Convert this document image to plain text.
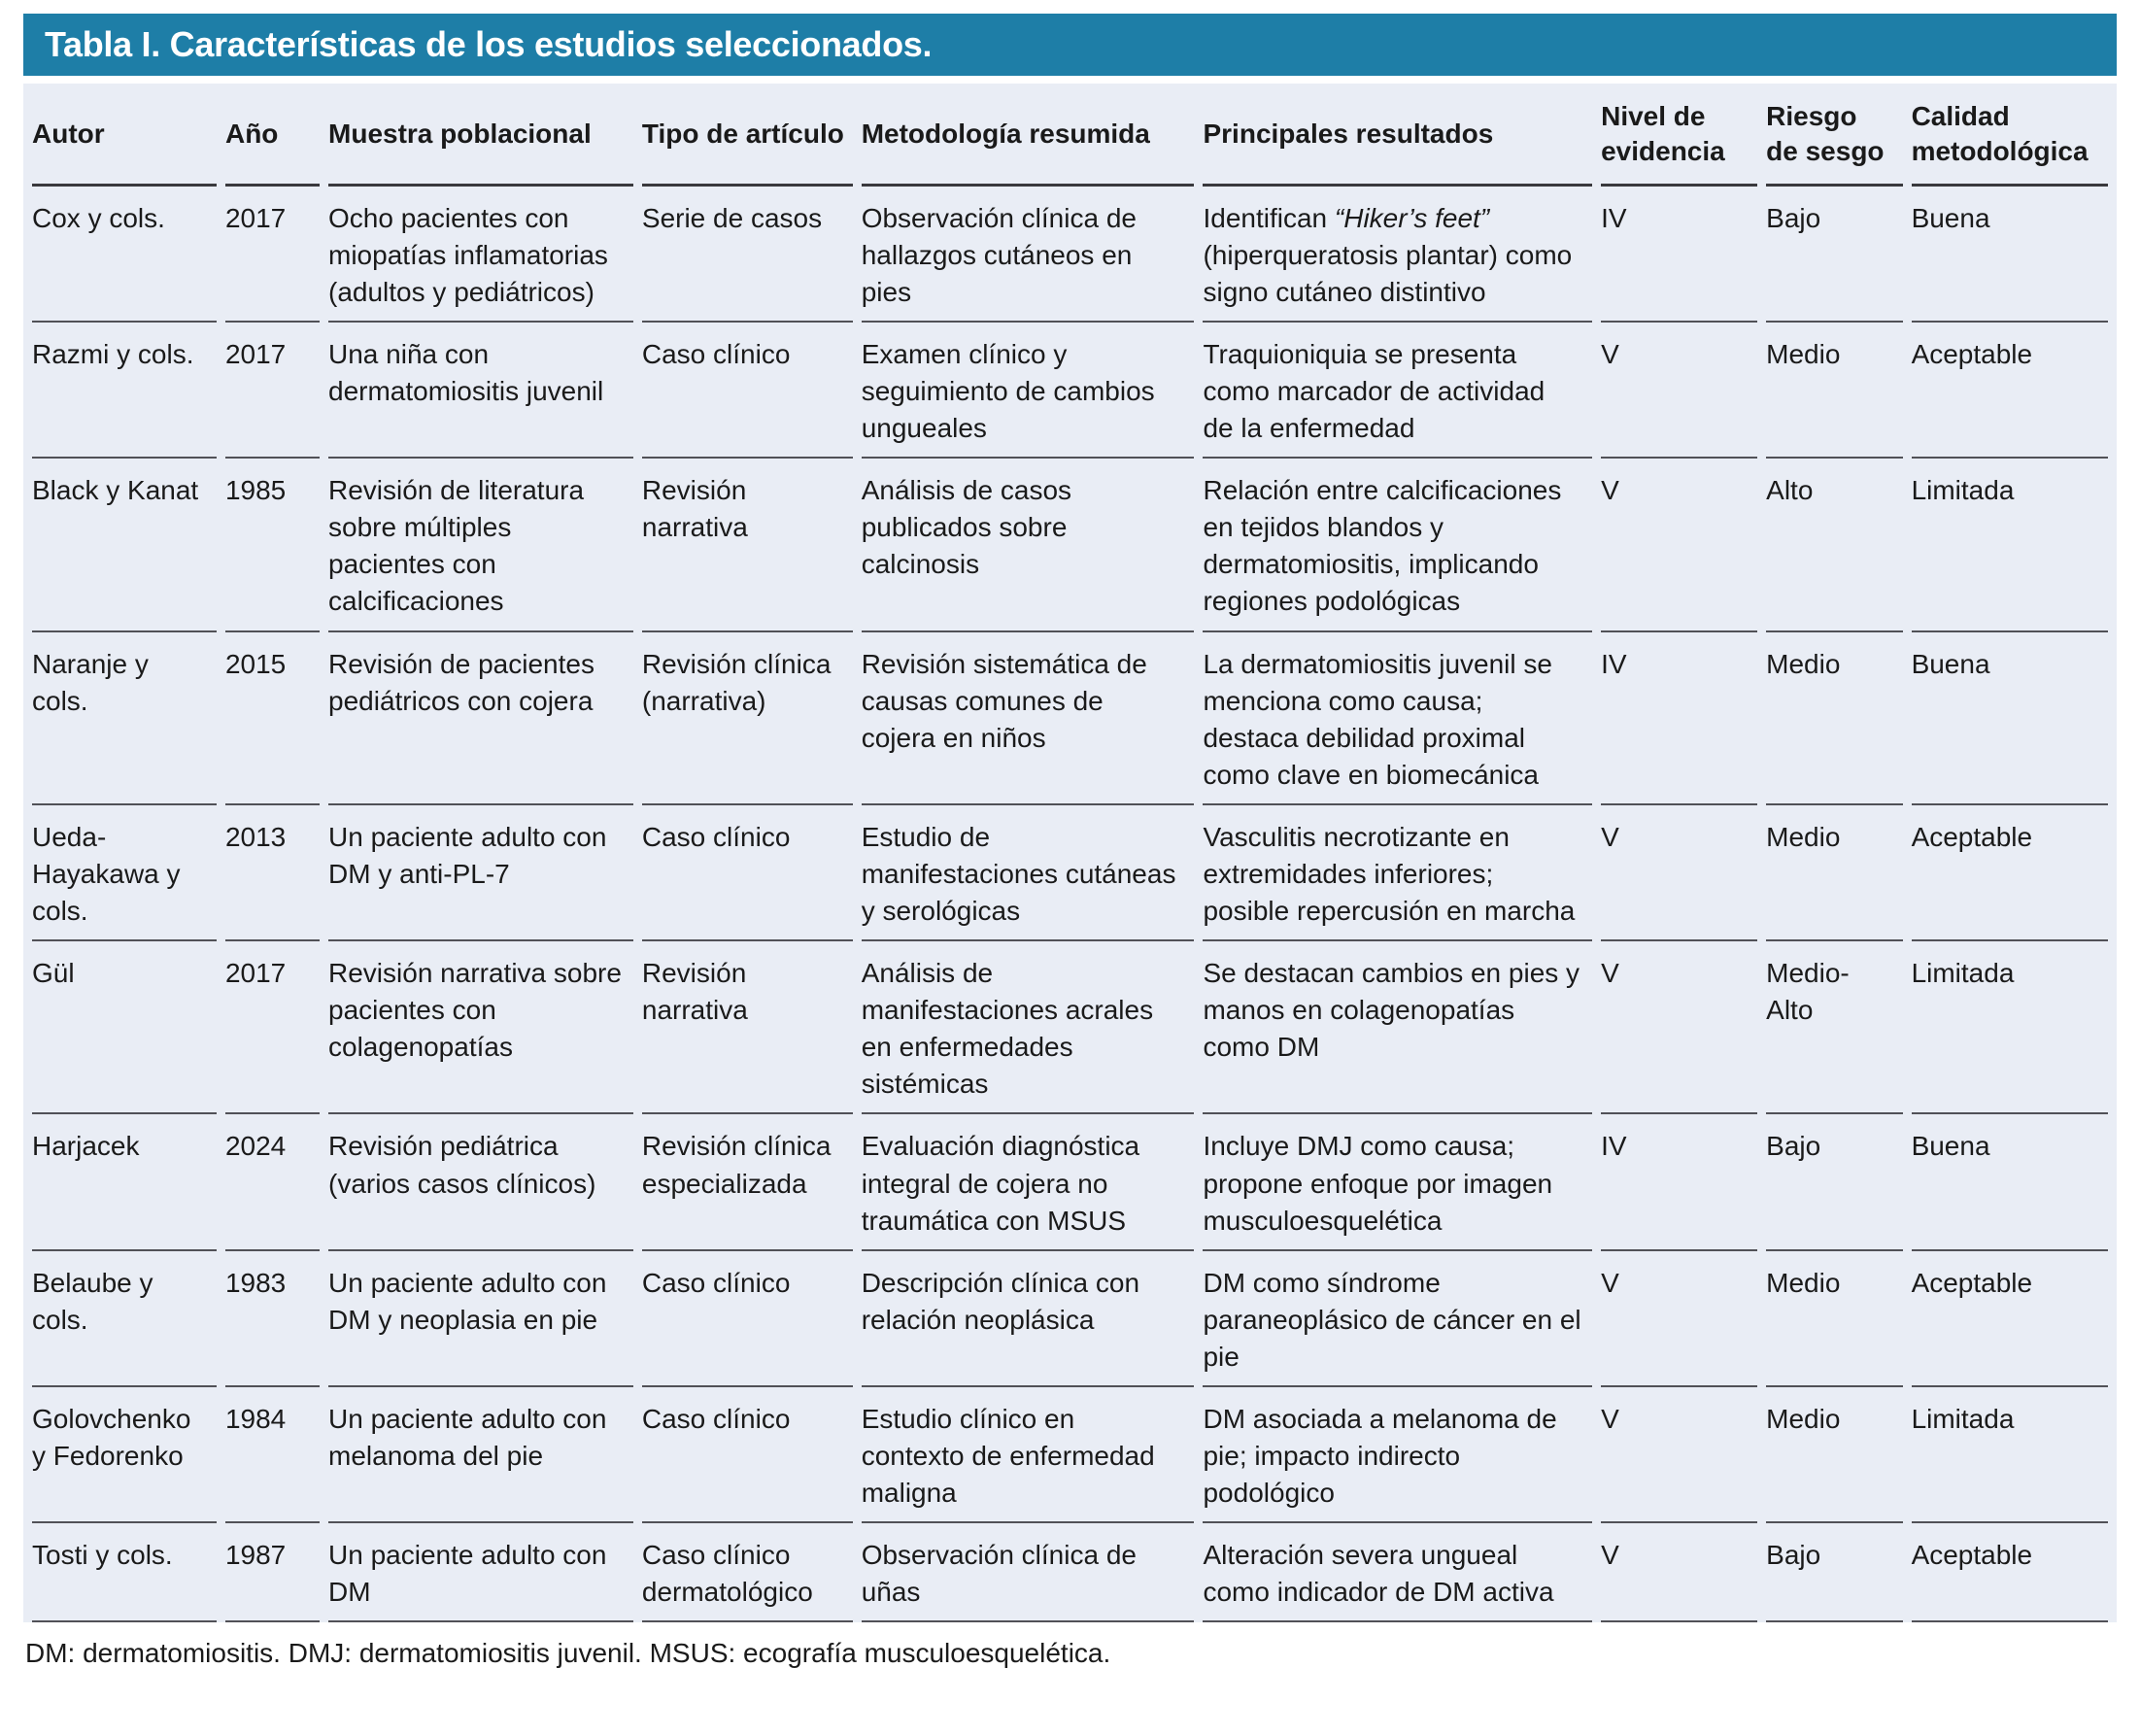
Tabla I. Características de los estudios seleccionados.
Autor	Año	Muestra poblacional	Tipo de artículo	Metodología resumida	Principales resultados	Nivel de evidencia	Riesgo de sesgo	Calidad metodológica
Cox y cols.	2017	Ocho pacientes con miopatías inflamatorias (adultos y pediátricos)	Serie de casos	Observación clínica de hallazgos cutáneos en pies	Identifican “Hiker’s feet” (hiperqueratosis plantar) como signo cutáneo distintivo	IV	Bajo	Buena
Razmi y cols.	2017	Una niña con dermatomiositis juvenil	Caso clínico	Examen clínico y seguimiento de cambios ungueales	Traquioniquia se presenta como marcador de actividad de la enfermedad	V	Medio	Aceptable
Black y Kanat	1985	Revisión de literatura sobre múltiples pacientes con calcificaciones	Revisión narrativa	Análisis de casos publicados sobre calcinosis	Relación entre calcificaciones en tejidos blandos y dermatomiositis, implicando regiones podológicas	V	Alto	Limitada
Naranje y cols.	2015	Revisión de pacientes pediátricos con cojera	Revisión clínica (narrativa)	Revisión sistemática de causas comunes de cojera en niños	La dermatomiositis juvenil se menciona como causa; destaca debilidad proximal como clave en biomecánica	IV	Medio	Buena
Ueda-Hayakawa y cols.	2013	Un paciente adulto con DM y anti-PL-7	Caso clínico	Estudio de manifestaciones cutáneas y serológicas	Vasculitis necrotizante en extremidades inferiores; posible repercusión en marcha	V	Medio	Aceptable
Gül	2017	Revisión narrativa sobre pacientes con colagenopatías	Revisión narrativa	Análisis de manifestaciones acrales en enfermedades sistémicas	Se destacan cambios en pies y manos en colagenopatías como DM	V	Medio-Alto	Limitada
Harjacek	2024	Revisión pediátrica (varios casos clínicos)	Revisión clínica especializada	Evaluación diagnóstica integral de cojera no traumática con MSUS	Incluye DMJ como causa; propone enfoque por imagen musculoesquelética	IV	Bajo	Buena
Belaube y cols.	1983	Un paciente adulto con DM y neoplasia en pie	Caso clínico	Descripción clínica con relación neoplásica	DM como síndrome paraneoplásico de cáncer en el pie	V	Medio	Aceptable
Golovchenko y Fedorenko	1984	Un paciente adulto con melanoma del pie	Caso clínico	Estudio clínico en contexto de enfermedad maligna	DM asociada a melanoma de pie; impacto indirecto podológico	V	Medio	Limitada
Tosti y cols.	1987	Un paciente adulto con DM	Caso clínico dermatológico	Observación clínica de uñas	Alteración severa ungueal como indicador de DM activa	V	Bajo	Aceptable
DM: dermatomiositis. DMJ: dermatomiositis juvenil. MSUS: ecografía musculoesquelética.
